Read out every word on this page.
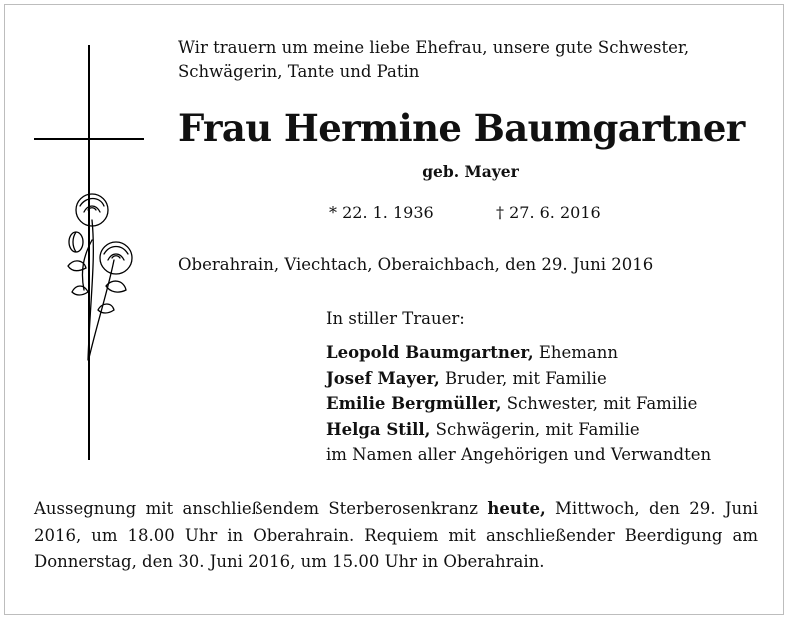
Wir trauern um meine liebe Ehefrau, unsere gute Schwester, Schwägerin, Tante und Patin

Frau Hermine Baumgartner

geb. Mayer

* 22. 1. 1936	† 27. 6. 2016

Oberahrain, Viechtach, Oberaichbach, den 29. Juni 2016

In stiller Trauer:

Leopold Baumgartner, Ehemann
Josef Mayer, Bruder, mit Familie
Emilie Bergmüller, Schwester, mit Familie
Helga Still, Schwägerin, mit Familie
im Namen aller Angehörigen und Verwandten

Aussegnung mit anschließendem Sterberosenkranz heute, Mittwoch, den 29. Juni 2016, um 18.00 Uhr in Oberahrain. Requiem mit anschließender Beerdigung am Donnerstag, den 30. Juni 2016, um 15.00 Uhr in Oberahrain.
